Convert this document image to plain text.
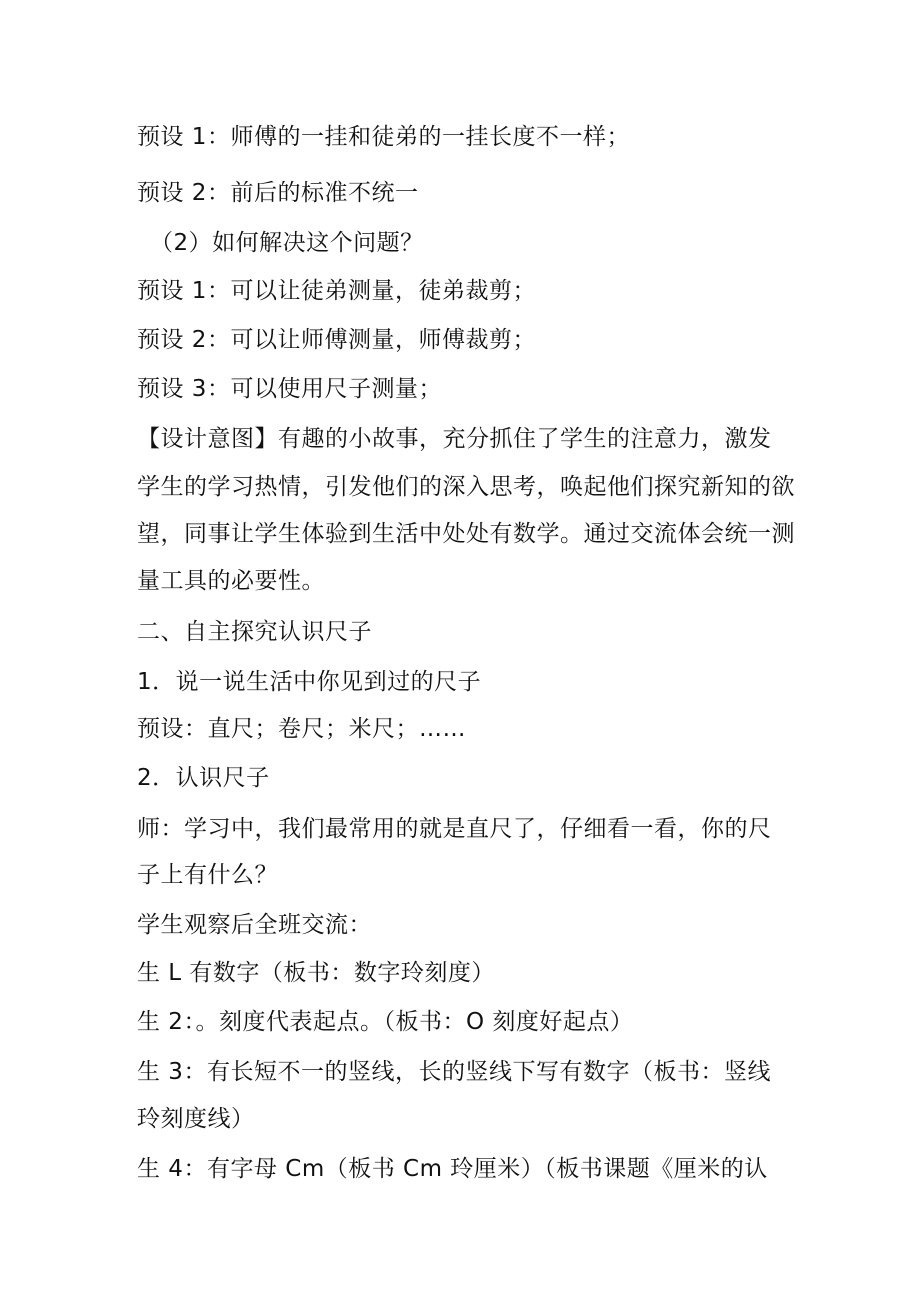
预设 1：师傅的一挂和徒弟的一挂长度不一样；
预设 2：前后的标准不统一
（2）如何解决这个问题？
预设 1：可以让徒弟测量，徒弟裁剪；
预设 2：可以让师傅测量，师傅裁剪；
预设 3：可以使用尺子测量；
【设计意图】有趣的小故事，充分抓住了学生的注意力，激发
学生的学习热情，引发他们的深入思考，唤起他们探究新知的欲
望，同事让学生体验到生活中处处有数学。通过交流体会统一测
量工具的必要性。
二、自主探究认识尺子
1．说一说生活中你见到过的尺子
预设：直尺；卷尺；米尺；……
2．认识尺子
师：学习中，我们最常用的就是直尺了，仔细看一看，你的尺
子上有什么？
学生观察后全班交流：
生 L 有数字（板书：数字玲刻度）
生 2：。刻度代表起点。（板书：O 刻度好起点）
生 3：有长短不一的竖线，长的竖线下写有数字（板书：竖线
玲刻度线）
生 4：有字母 Cm（板书 Cm 玲厘米）（板书课题《厘米的认
